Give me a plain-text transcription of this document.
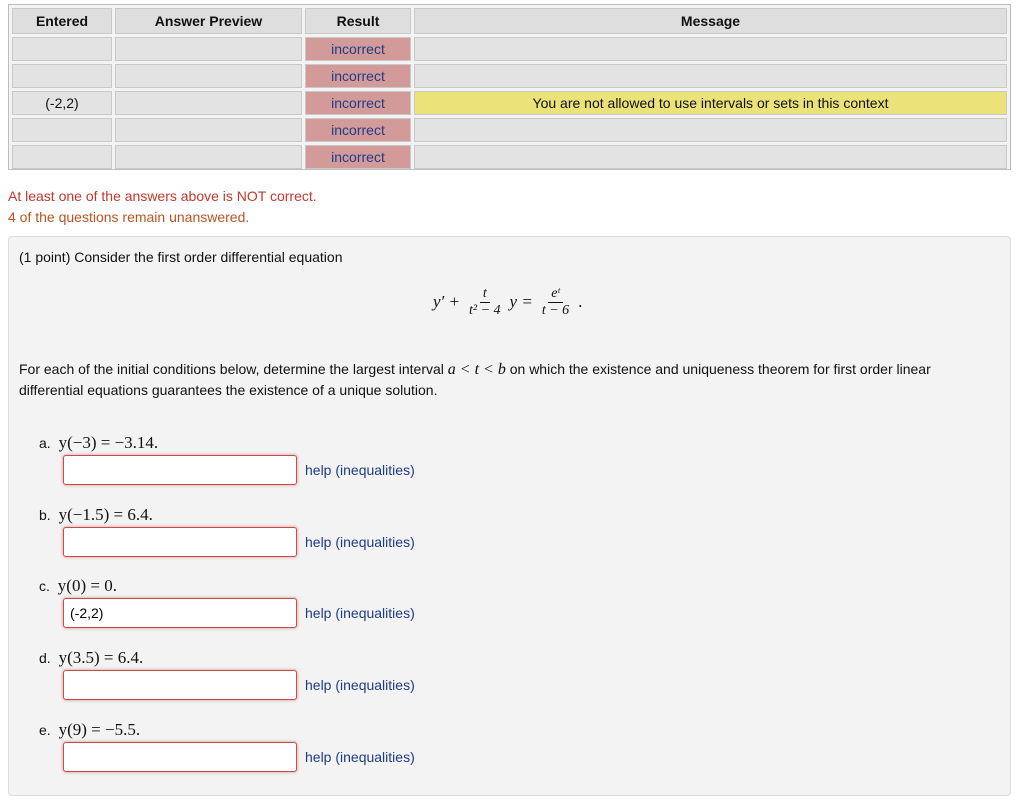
Entered	Answer Preview	Result	Message
		incorrect	
		incorrect	
(-2,2)		incorrect	You are not allowed to use intervals or sets in this context
		incorrect	
		incorrect	
At least one of the answers above is NOT correct.
4 of the questions remain unanswered.
(1 point) Consider the first order differential equation
$y' + \frac{t}{\text{t² − 4}}$ $y = \frac{\text{eᵗ}}{t - 6}$ .
For each of the initial conditions below, determine the largest interval a < t < b on which the existence and uniqueness theorem for first order linear differential equations guarantees the existence of a unique solution.
a. y(−3) = −3.14.
help (inequalities)
b. y(−1.5) = 6.4.
help (inequalities)
c. y(0) = 0.
(-2,2)
help (inequalities)
d. y(3.5) = 6.4.
help (inequalities)
e. y(9) = −5.5.
help (inequalities)
